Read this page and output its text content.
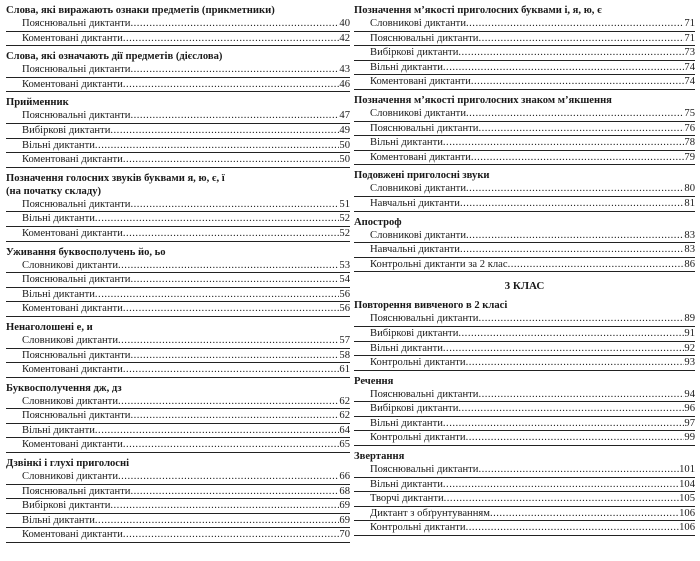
Слова, які виражають ознаки предметів (прикметники)
Пояснювальні диктанти .....	40
Коментовані диктанти .....	42
Слова, які означають дії предметів (дієслова)
Пояснювальні диктанти .....	43
Коментовані диктанти .....	46
Прийменник
Пояснювальні диктанти .....	47
Вибіркові диктанти .....	49
Вільні диктанти .....	50
Коментовані диктанти .....	50
Позначення голосних звуків буквами я, ю, є, ї
(на початку складу)
Пояснювальні диктанти .....	51
Вільні диктанти .....	52
Коментовані диктанти .....	52
Уживання буквосполучень йо, ьо
Словникові диктанти .....	53
Пояснювальні диктанти .....	54
Вільні диктанти .....	56
Коментовані диктанти .....	56
Ненаголошені е, и
Словникові диктанти .....	57
Пояснювальні диктанти .....	58
Коментовані диктанти .....	61
Буквосполучення дж, дз
Словникові диктанти .....	62
Пояснювальні диктанти .....	62
Вільні диктанти .....	64
Коментовані диктанти .....	65
Дзвінкі і глухі приголосні
Словникові диктанти .....	66
Пояснювальні диктанти .....	68
Вибіркові диктанти .....	69
Вільні диктанти .....	69
Коментовані диктанти .....	70
Позначення м’якості приголосних буквами і, я, ю, є
Словникові диктанти .....	71
Пояснювальні диктанти .....	71
Вибіркові диктанти .....	73
Вільні диктанти .....	74
Коментовані диктанти .....	74
Позначення м’якості приголосних знаком м’якшення
Словникові диктанти .....	75
Пояснювальні диктанти .....	76
Вільні диктанти .....	78
Коментовані диктанти .....	79
Подовжені приголосні звуки
Словникові диктанти .....	80
Навчальні диктанти .....	81
Апостроф
Словникові диктанти .....	83
Навчальні диктанти .....	83
Контрольні диктанти за 2 клас .....	86
3 КЛАС
Повторення вивченого в 2 класі
Пояснювальні диктанти .....	89
Вибіркові диктанти .....	91
Вільні диктанти .....	92
Контрольні диктанти .....	93
Речення
Пояснювальні диктанти .....	94
Вибіркові диктанти .....	96
Вільні диктанти .....	97
Контрольні диктанти .....	99
Звертання
Пояснювальні диктанти .....	101
Вільні диктанти .....	104
Творчі диктанти .....	105
Диктант з обґрунтуванням .....	106
Контрольні диктанти .....	106
